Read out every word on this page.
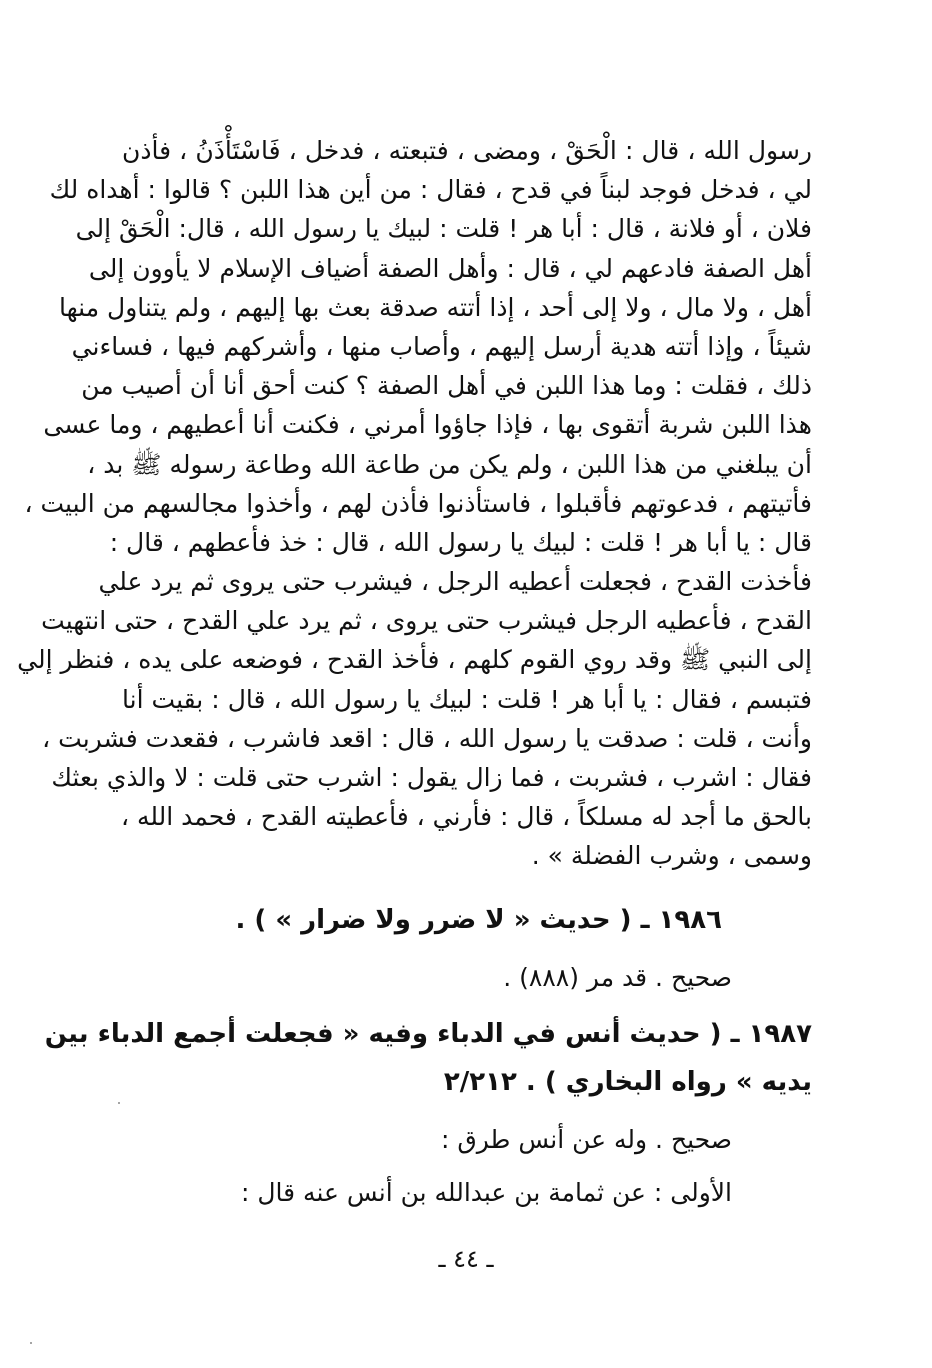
رسول الله ، قال : الْحَقْ ، ومضى ، فتبعته ، فدخل ، فَاسْتَأْذَنُ ، فأذن
لي ، فدخل فوجد لبناً في قدح ، فقال : من أين هذا اللبن ؟ قالوا : أهداه لك
فلان ، أو فلانة ، قال : أبا هر ! قلت : لبيك يا رسول الله ، قال: الْحَقْ إلى
أهل الصفة فادعهم لي ، قال : وأهل الصفة أضياف الإسلام لا يأوون إلى
أهل ، ولا مال ، ولا إلى أحد ، إذا أتته صدقة بعث بها إليهم ، ولم يتناول منها
شيئاً ، وإذا أتته هدية أرسل إليهم ، وأصاب منها ، وأشركهم فيها ، فساءني
ذلك ، فقلت : وما هذا اللبن في أهل الصفة ؟ كنت أحق أنا أن أصيب من
هذا اللبن شربة أتقوى بها ، فإذا جاؤوا أمرني ، فكنت أنا أعطيهم ، وما عسى
أن يبلغني من هذا اللبن ، ولم يكن من طاعة الله وطاعة رسوله ﷺ بد ،
فأتيتهم ، فدعوتهم فأقبلوا ، فاستأذنوا فأذن لهم ، وأخذوا مجالسهم من البيت ،
قال : يا أبا هر ! قلت : لبيك يا رسول الله ، قال : خذ فأعطهم ، قال :
فأخذت القدح ، فجعلت أعطيه الرجل ، فيشرب حتى يروى ثم يرد علي
القدح ، فأعطيه الرجل فيشرب حتى يروى ، ثم يرد علي القدح ، حتى انتهيت
إلى النبي ﷺ وقد روي القوم كلهم ، فأخذ القدح ، فوضعه على يده ، فنظر إلي
فتبسم ، فقال : يا أبا هر ! قلت : لبيك يا رسول الله ، قال : بقيت أنا
وأنت ، قلت : صدقت يا رسول الله ، قال : اقعد فاشرب ، فقعدت فشربت ،
فقال : اشرب ، فشربت ، فما زال يقول : اشرب حتى قلت : لا والذي بعثك
بالحق ما أجد له مسلكاً ، قال : فأرني ، فأعطيته القدح ، فحمد الله ،
وسمى ، وشرب الفضلة » .
١٩٨٦ ـ ( حديث « لا ضرر ولا ضرار » ) .
صحيح . قد مر (٨٨٨) .
١٩٨٧ ـ ( حديث أنس في الدباء وفيه « فجعلت أجمع الدباء بين
يديه » رواه البخاري ) . ٢/٢١٢
صحيح . وله عن أنس طرق :
الأولى : عن ثمامة بن عبدالله بن أنس عنه قال :
ـ ٤٤ ـ
